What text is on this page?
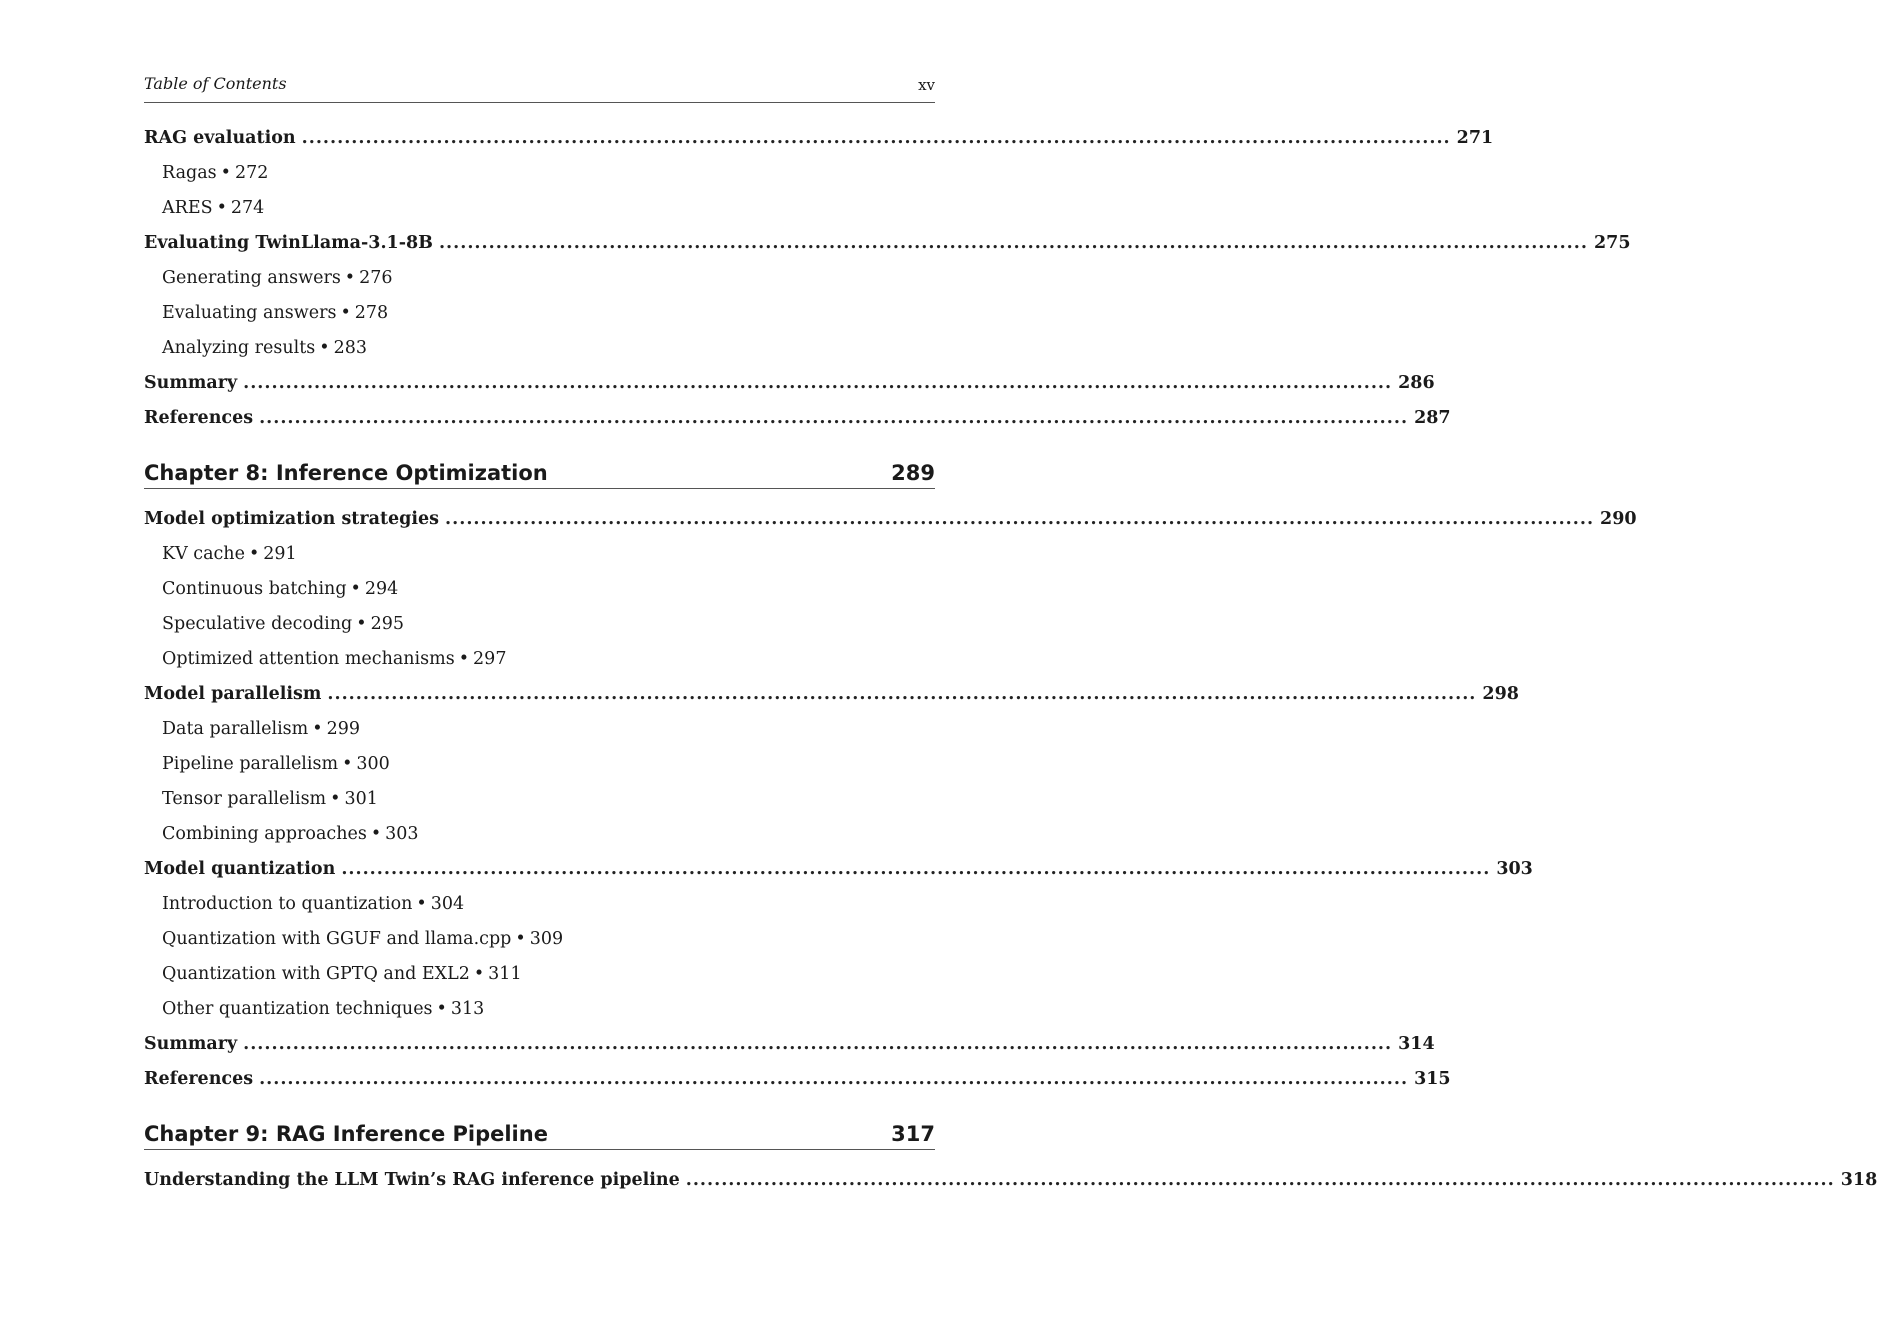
Table of Contents	xv
RAG evaluation .................................................................................................................................................................. 271
Ragas • 272
ARES • 274
Evaluating TwinLlama-3.1-8B .................................................................................................................................................................. 275
Generating answers • 276
Evaluating answers • 278
Analyzing results • 283
Summary .................................................................................................................................................................. 286
References .................................................................................................................................................................. 287
Chapter 8: Inference Optimization	289
Model optimization strategies .................................................................................................................................................................. 290
KV cache • 291
Continuous batching • 294
Speculative decoding • 295
Optimized attention mechanisms • 297
Model parallelism .................................................................................................................................................................. 298
Data parallelism • 299
Pipeline parallelism • 300
Tensor parallelism • 301
Combining approaches • 303
Model quantization .................................................................................................................................................................. 303
Introduction to quantization • 304
Quantization with GGUF and llama.cpp • 309
Quantization with GPTQ and EXL2 • 311
Other quantization techniques • 313
Summary .................................................................................................................................................................. 314
References .................................................................................................................................................................. 315
Chapter 9: RAG Inference Pipeline	317
Understanding the LLM Twin’s RAG inference pipeline .................................................................................................................................................................. 318
